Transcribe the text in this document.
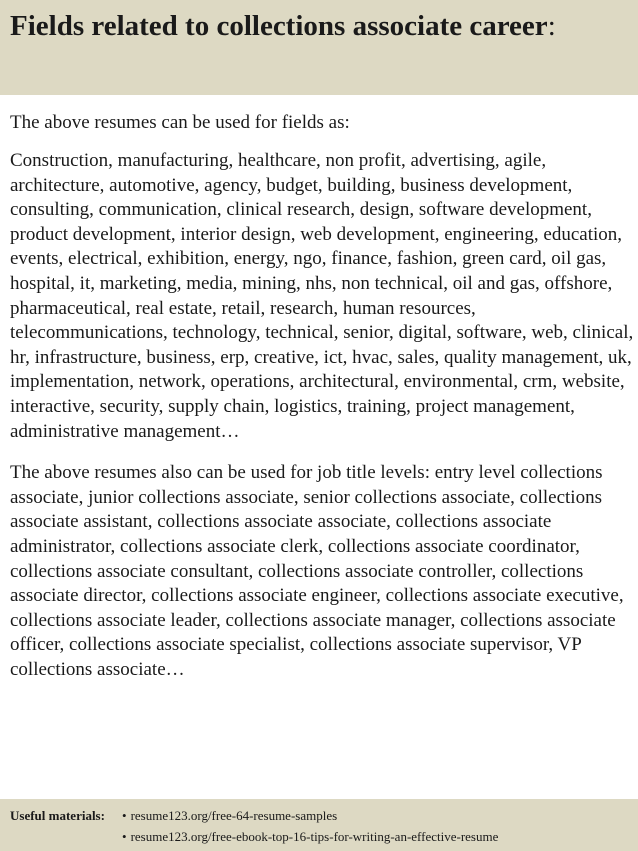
Fields related to collections associate career:

The above resumes can be used for fields as:

Construction, manufacturing, healthcare, non profit, advertising, agile, architecture, automotive, agency, budget, building, business development, consulting, communication, clinical research, design, software development, product development, interior design, web development, engineering, education, events, electrical, exhibition, energy, ngo, finance, fashion, green card, oil gas, hospital, it, marketing, media, mining, nhs, non technical, oil and gas, offshore, pharmaceutical, real estate, retail, research, human resources, telecommunications, technology, technical, senior, digital, software, web, clinical, hr, infrastructure, business, erp, creative, ict, hvac, sales, quality management, uk, implementation, network, operations, architectural, environmental, crm, website, interactive, security, supply chain, logistics, training, project management, administrative management…

The above resumes also can be used for job title levels: entry level collections associate, junior collections associate, senior collections associate, collections associate assistant, collections associate associate, collections associate administrator, collections associate clerk, collections associate coordinator, collections associate consultant, collections associate controller, collections associate director, collections associate engineer, collections associate executive, collections associate leader, collections associate manager, collections associate officer, collections associate specialist, collections associate supervisor, VP collections associate…

Useful materials:	• resume123.org/free-64-resume-samples
• resume123.org/free-ebook-top-16-tips-for-writing-an-effective-resume
